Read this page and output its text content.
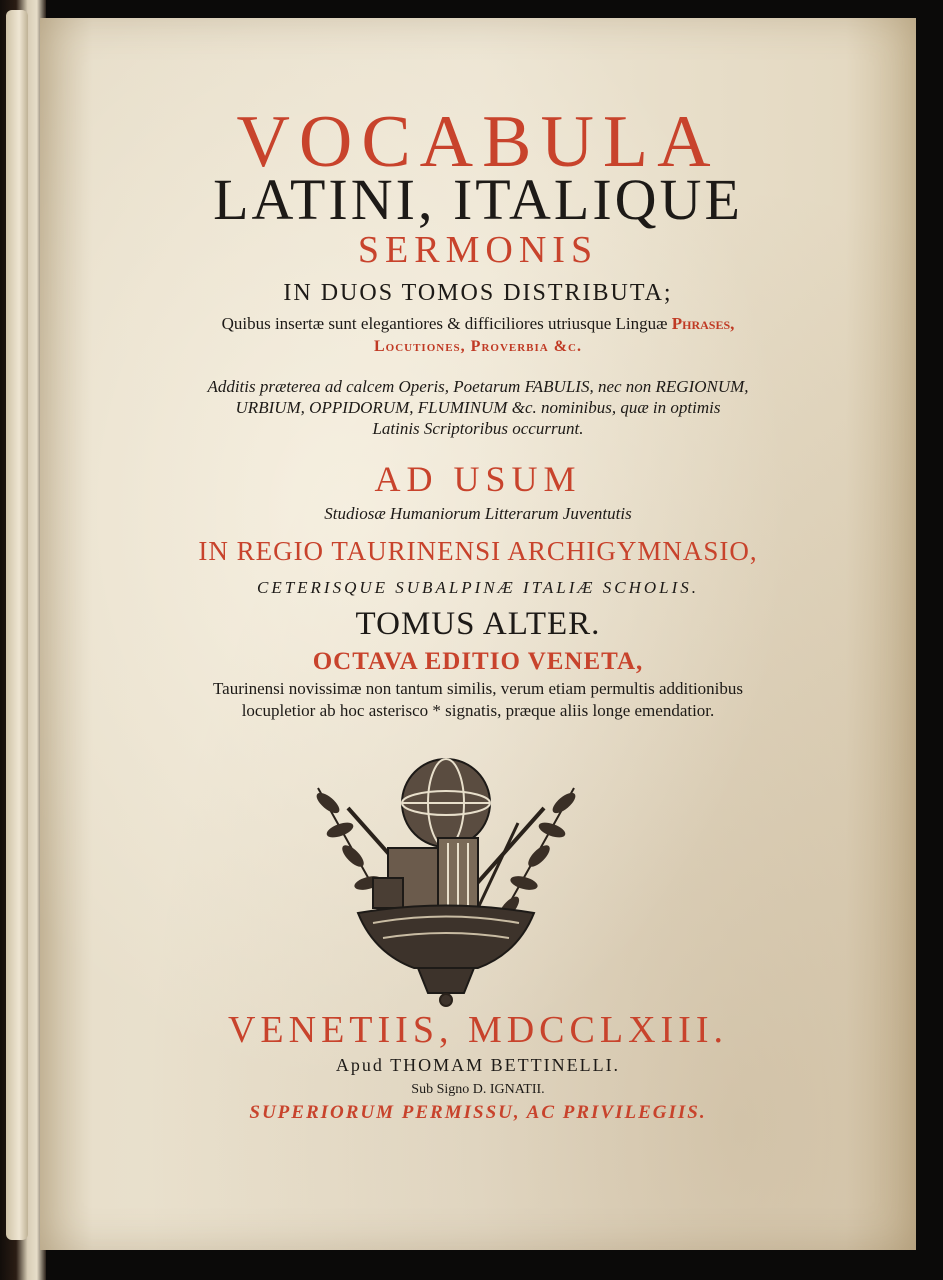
VOCABULA
LATINI, ITALIQUE
SERMONIS
IN DUOS TOMOS DISTRIBUTA;
Quibus insertæ sunt elegantiores & difficiliores utriusque Linguæ Phrases,
Locutiones, Proverbia &c.
Additis præterea ad calcem Operis, Poetarum FABULIS, nec non REGIONUM,
URBIUM, OPPIDORUM, FLUMINUM &c. nominibus, quæ in optimis
Latinis Scriptoribus occurrunt.
AD USUM
Studiosæ Humaniorum Litterarum Juventutis
IN REGIO TAURINENSI ARCHIGYMNASIO,
CETERISQUE SUBALPINÆ ITALIÆ SCHOLIS.
TOMUS ALTER.
OCTAVA EDITIO VENETA,
Taurinensi novissimæ non tantum similis, verum etiam permultis additionibus
locupletior ab hoc asterisco * signatis, præque aliis longe emendatior.
VENETIIS, MDCCLXIII.
Apud THOMAM BETTINELLI.
Sub Signo D. IGNATII.
SUPERIORUM PERMISSU, AC PRIVILEGIIS.
